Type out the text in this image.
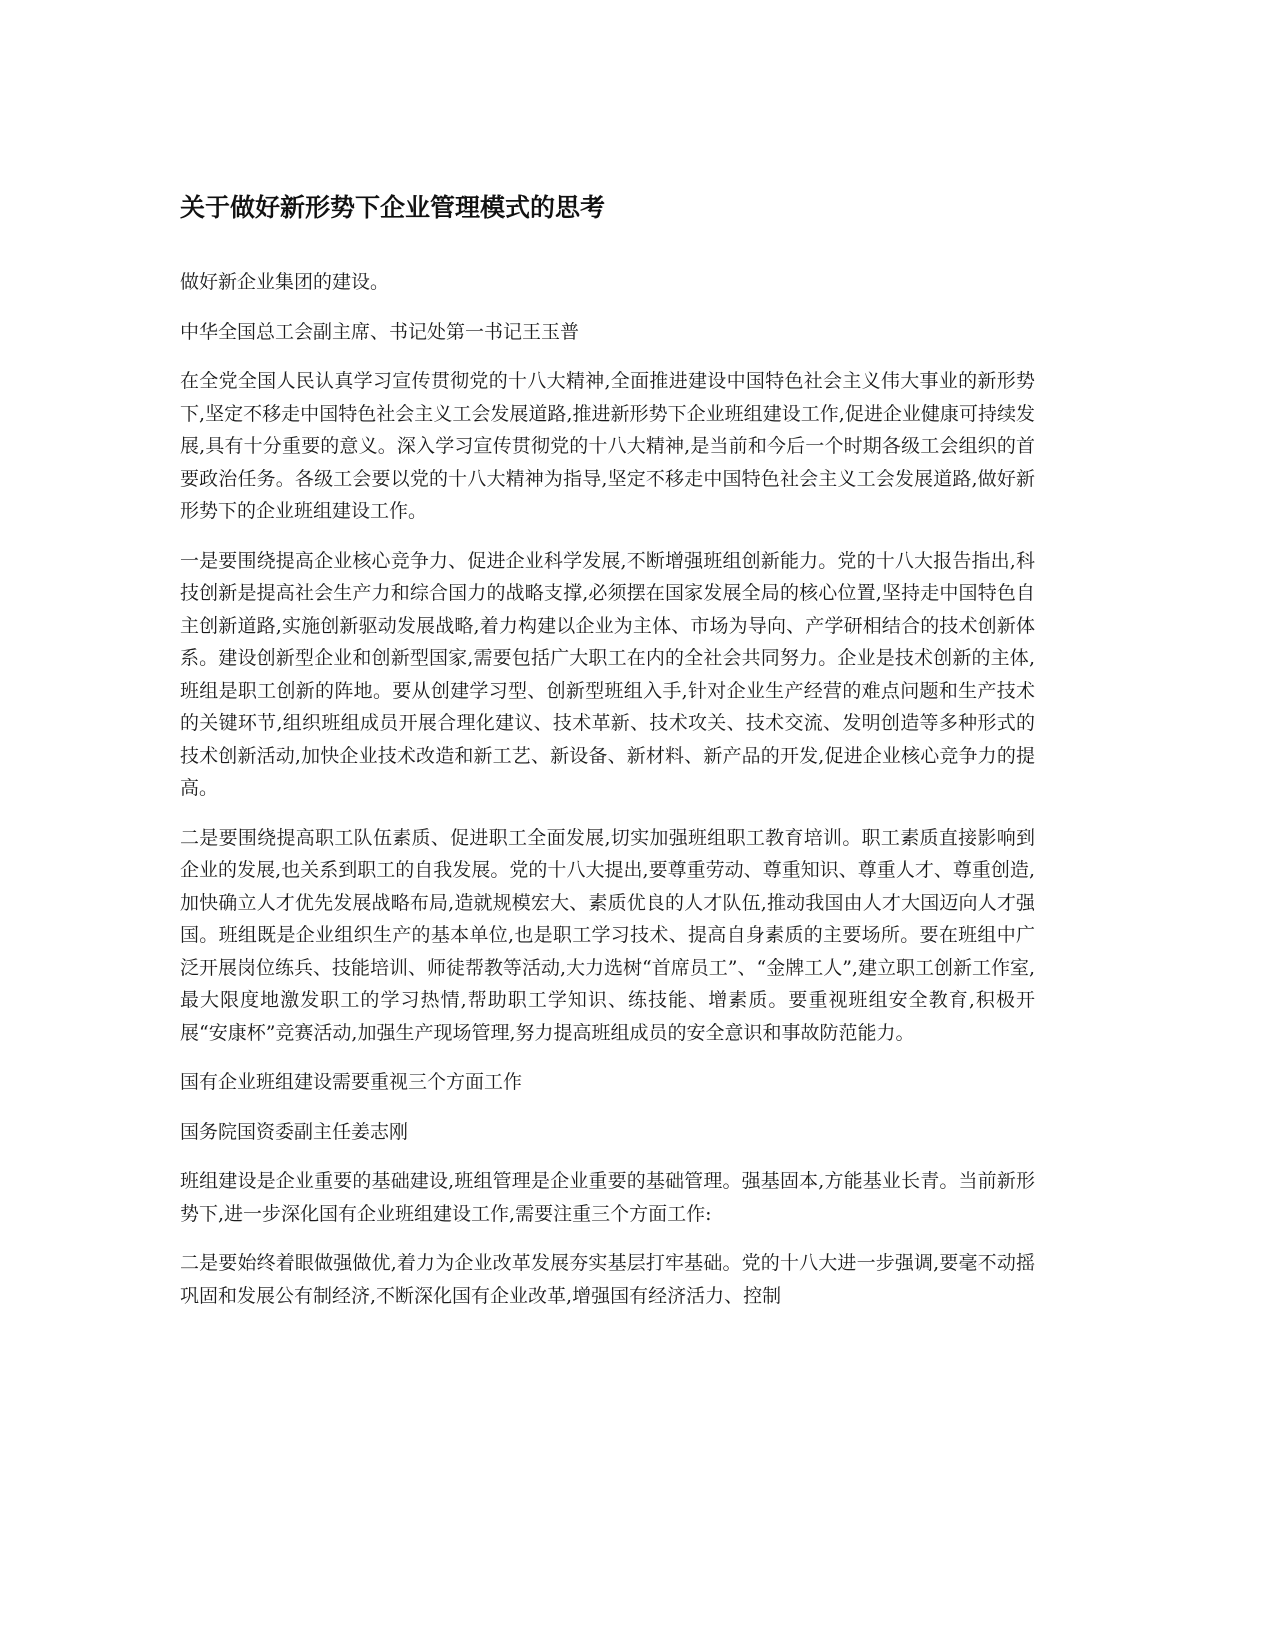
关于做好新形势下企业管理模式的思考

做好新企业集团的建设。

中华全国总工会副主席、书记处第一书记王玉普

在全党全国人民认真学习宣传贯彻党的十八大精神,全面推进建设中国特色社会主义伟大事业的新形势下,坚定不移走中国特色社会主义工会发展道路,推进新形势下企业班组建设工作,促进企业健康可持续发展,具有十分重要的意义。深入学习宣传贯彻党的十八大精神,是当前和今后一个时期各级工会组织的首要政治任务。各级工会要以党的十八大精神为指导,坚定不移走中国特色社会主义工会发展道路,做好新形势下的企业班组建设工作。

一是要围绕提高企业核心竞争力、促进企业科学发展,不断增强班组创新能力。党的十八大报告指出,科技创新是提高社会生产力和综合国力的战略支撑,必须摆在国家发展全局的核心位置,坚持走中国特色自主创新道路,实施创新驱动发展战略,着力构建以企业为主体、市场为导向、产学研相结合的技术创新体系。建设创新型企业和创新型国家,需要包括广大职工在内的全社会共同努力。企业是技术创新的主体,班组是职工创新的阵地。要从创建学习型、创新型班组入手,针对企业生产经营的难点问题和生产技术的关键环节,组织班组成员开展合理化建议、技术革新、技术攻关、技术交流、发明创造等多种形式的技术创新活动,加快企业技术改造和新工艺、新设备、新材料、新产品的开发,促进企业核心竞争力的提高。

二是要围绕提高职工队伍素质、促进职工全面发展,切实加强班组职工教育培训。职工素质直接影响到企业的发展,也关系到职工的自我发展。党的十八大提出,要尊重劳动、尊重知识、尊重人才、尊重创造,加快确立人才优先发展战略布局,造就规模宏大、素质优良的人才队伍,推动我国由人才大国迈向人才强国。班组既是企业组织生产的基本单位,也是职工学习技术、提高自身素质的主要场所。要在班组中广泛开展岗位练兵、技能培训、师徒帮教等活动,大力选树“首席员工”、“金牌工人”,建立职工创新工作室,最大限度地激发职工的学习热情,帮助职工学知识、练技能、增素质。要重视班组安全教育,积极开展“安康杯”竞赛活动,加强生产现场管理,努力提高班组成员的安全意识和事故防范能力。

国有企业班组建设需要重视三个方面工作

国务院国资委副主任姜志刚

班组建设是企业重要的基础建设,班组管理是企业重要的基础管理。强基固本,方能基业长青。当前新形势下,进一步深化国有企业班组建设工作,需要注重三个方面工作:

二是要始终着眼做强做优,着力为企业改革发展夯实基层打牢基础。党的十八大进一步强调,要毫不动摇巩固和发展公有制经济,不断深化国有企业改革,增强国有经济活力、控制
